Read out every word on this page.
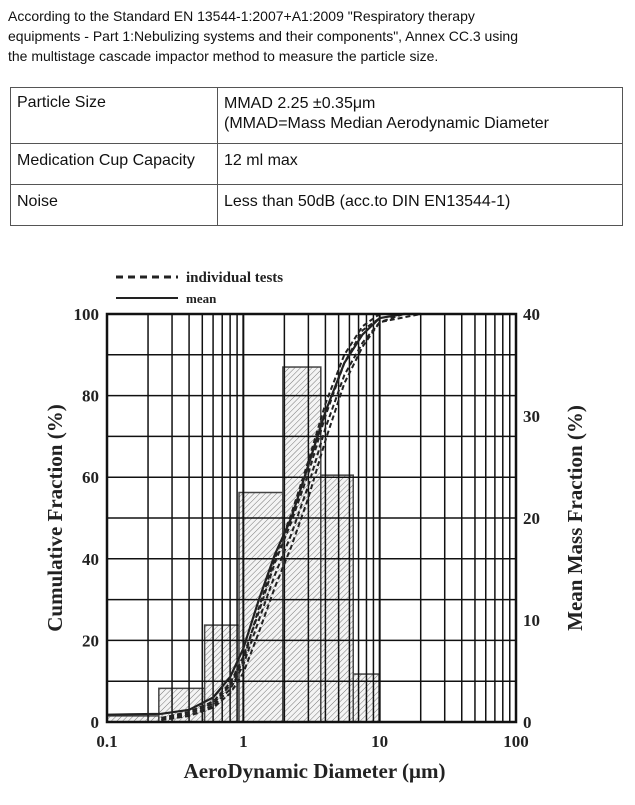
According to the Standard EN 13544-1:2007+A1:2009 "Respiratory therapy
equipments - Part 1:Nebulizing systems and their components", Annex CC.3 using
the multistage cascade impactor method to measure the particle size.
Particle Size	MMAD 2.25 ±0.35μm
(MMAD=Mass Median Aerodynamic Diameter

Medication Cup Capacity	12 ml max
Noise	Less than 50dB (acc.to DIN EN13544-1)
0.1	1	10	100
0
20
40
60
80
100
0
10
20
30
40
AeroDynamic Diameter (μm)
Cumulative Fraction (%)	Mean Mass Fraction (%)
individual tests
mean
